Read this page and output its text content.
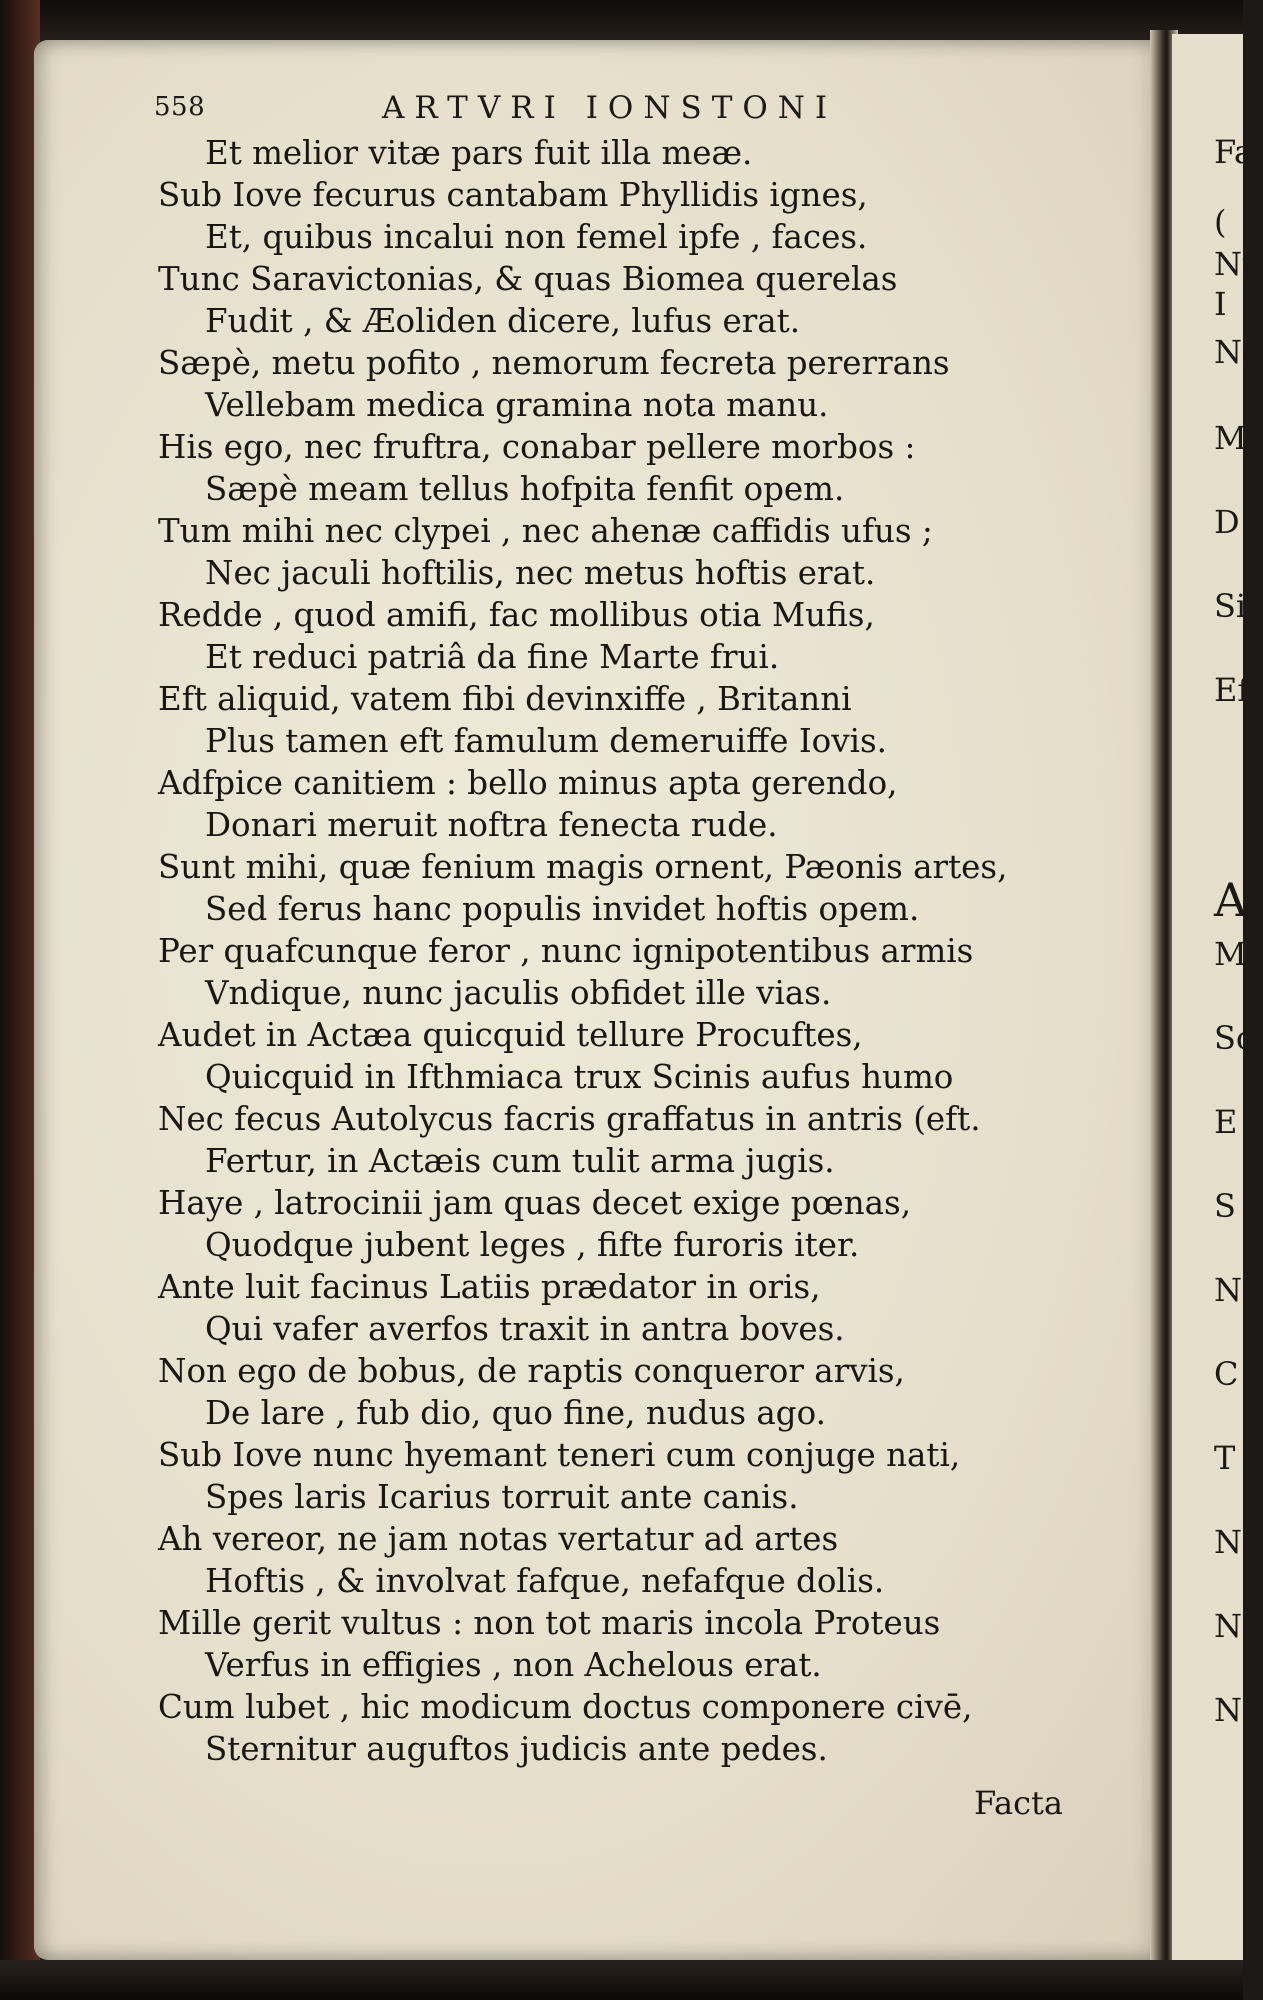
Fa
(
Nu
I
Ne
M
D
Si
Ef
A
M
Sc
E
S
N
C
T
N
N
N
558	ARTVRI IONSTONI
Et melior vitæ pars fuit illa meæ.
Sub Iove fecurus cantabam Phyllidis ignes,
Et, quibus incalui non femel ipfe , faces.
Tunc Saravictonias, & quas Biomea querelas
Fudit , & Æoliden dicere, lufus erat.
Sæpè, metu pofito , nemorum fecreta pererrans
Vellebam medica gramina nota manu.
His ego, nec fruftra, conabar pellere morbos :
Sæpè meam tellus hofpita fenfit opem.
Tum mihi nec clypei , nec ahenæ caffidis ufus ;
Nec jaculi hoftilis, nec metus hoftis erat.
Redde , quod amifi, fac mollibus otia Mufis,
Et reduci patriâ da fine Marte frui.
Eft aliquid, vatem fibi devinxiffe , Britanni
Plus tamen eft famulum demeruiffe Iovis.
Adfpice canitiem : bello minus apta gerendo,
Donari meruit noftra fenecta rude.
Sunt mihi, quæ fenium magis ornent, Pæonis artes,
Sed ferus hanc populis invidet hoftis opem.
Per quafcunque feror , nunc ignipotentibus armis
Vndique, nunc jaculis obfidet ille vias.
Audet in Actæa quicquid tellure Procuftes,
Quicquid in Ifthmiaca trux Scinis aufus humo
Nec fecus Autolycus facris graffatus in antris (eft.
Fertur, in Actæis cum tulit arma jugis.
Haye , latrocinii jam quas decet exige pœnas,
Quodque jubent leges , fifte furoris iter.
Ante luit facinus Latiis prædator in oris,
Qui vafer averfos traxit in antra boves.
Non ego de bobus, de raptis conqueror arvis,
De lare , fub dio, quo fine, nudus ago.
Sub Iove nunc hyemant teneri cum conjuge nati,
Spes laris Icarius torruit ante canis.
Ah vereor, ne jam notas vertatur ad artes
Hoftis , & involvat fafque, nefafque dolis.
Mille gerit vultus : non tot maris incola Proteus
Verfus in effigies , non Achelous erat.
Cum lubet , hic modicum doctus componere civē,
Sternitur auguftos judicis ante pedes.
Facta
